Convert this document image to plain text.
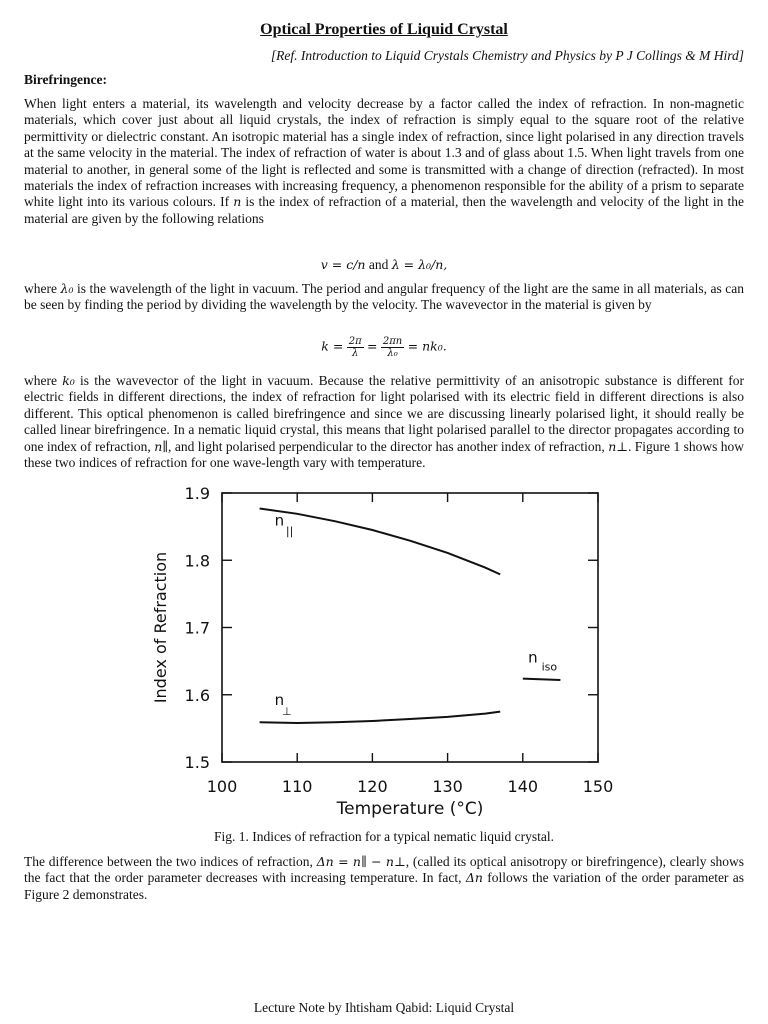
Optical Properties of Liquid Crystal
[Ref. Introduction to Liquid Crystals Chemistry and Physics by P J Collings & M Hird]
Birefringence:
When light enters a material, its wavelength and velocity decrease by a factor called the index of refraction. In non-magnetic materials, which cover just about all liquid crystals, the index of refraction is simply equal to the square root of the relative permittivity or dielectric constant. An isotropic material has a single index of refraction, since light polarised in any direction travels at the same velocity in the material. The index of refraction of water is about 1.3 and of glass about 1.5. When light travels from one material to another, in general some of the light is reflected and some is transmitted with a change of direction (refracted). In most materials the index of refraction increases with increasing frequency, a phenomenon responsible for the ability of a prism to separate white light into its various colours. If n is the index of refraction of a material, then the wavelength and velocity of the light in the material are given by the following relations
v = c/n and λ = λ₀/n,
where λ₀ is the wavelength of the light in vacuum. The period and angular frequency of the light are the same in all materials, as can be seen by finding the period by dividing the wavelength by the velocity. The wavevector in the material is given by
$k = \frac{2\pi}{\lambda} = \frac{2\pi n}{\text{λ₀}} = nk_0$.
where k₀ is the wavevector of the light in vacuum. Because the relative permittivity of an anisotropic substance is different for electric fields in different directions, the index of refraction for light polarised with its electric field in different directions is also different. This optical phenomenon is called birefringence and since we are discussing linearly polarised light, it should really be called linear birefringence. In a nematic liquid crystal, this means that light polarised parallel to the director propagates according to one index of refraction, n∥, and light polarised perpendicular to the director has another index of refraction, n⊥. Figure 1 shows how these two indices of refraction for one wave-length vary with temperature.
100	110	120	130	140	150
1.5
1.6
1.7
1.8
1.9
Temperature (°C)
Index of Refraction
n
||
n
⊥
n
iso
Fig. 1. Indices of refraction for a typical nematic liquid crystal.
The difference between the two indices of refraction, Δn = n∥ − n⊥, (called its optical anisotropy or birefringence), clearly shows the fact that the order parameter decreases with increasing temperature. In fact, Δn follows the variation of the order parameter as Figure 2 demonstrates.
Lecture Note by Ihtisham Qabid: Liquid Crystal
